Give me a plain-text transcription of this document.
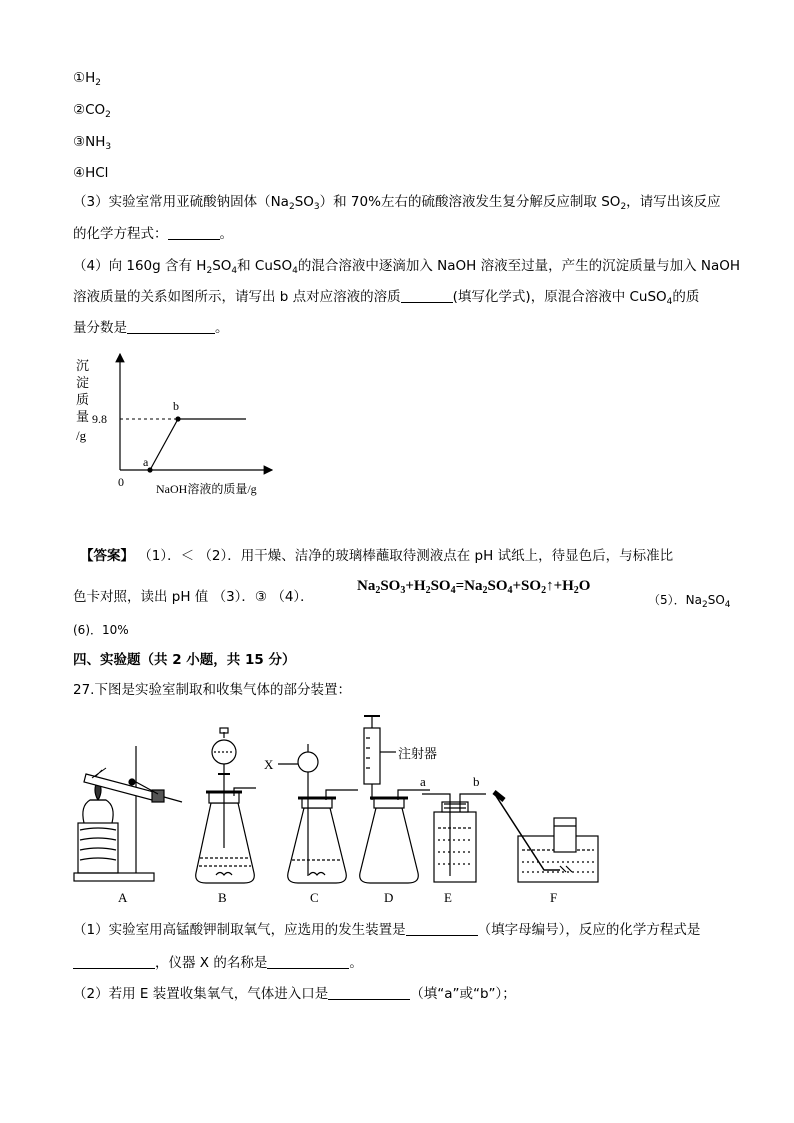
$①H_2$
$②CO_2$
$③NH_3$
④HCl
（3）实验室常用亚硫酸钠固体$(Na_2SO_3)$和 70%左右的硫酸溶液发生复分解反应制取 $SO_2$，请写出该反应
的化学方程式：	。
（4）向 160g 含有 $H_2SO_4$和 CuSO$_4$的混合溶液中逐滴加入 NaOH 溶液至过量，产生的沉淀质量与加入 NaOH
溶液质量的关系如图所示，请写出 b 点对应溶液的溶质	(填写化学式)，原混合溶液中 CuSO$_4$的质
量分数是	。
沉
淀
质
量
/g
9.8
0
a
b
NaOH溶液的质量/g
【答案】 （1）．＜ （2）．用干燥、洁净的玻璃棒蘸取待测液点在 pH 试纸上，待显色后，与标准比
色卡对照，读出 pH 值 （3）．③ （4）．
$Na_2SO_3+H_2SO_4=Na_2SO_4+SO_2↑+H_2O$
（5）．$Na_2SO_4$
(6)．10%
四、实验题（共 2 小题，共 15 分）
27.下图是实验室制取和收集气体的部分装置：
A	B	C	D	E	F
X
注射器
a	b
（1）实验室用高锰酸钾制取氧气，应选用的发生装置是	（填字母编号），反应的化学方程式是
，仪器 X 的名称是	。
（2）若用 E 装置收集氧气，气体进入口是	（填“a”或“b”）；
